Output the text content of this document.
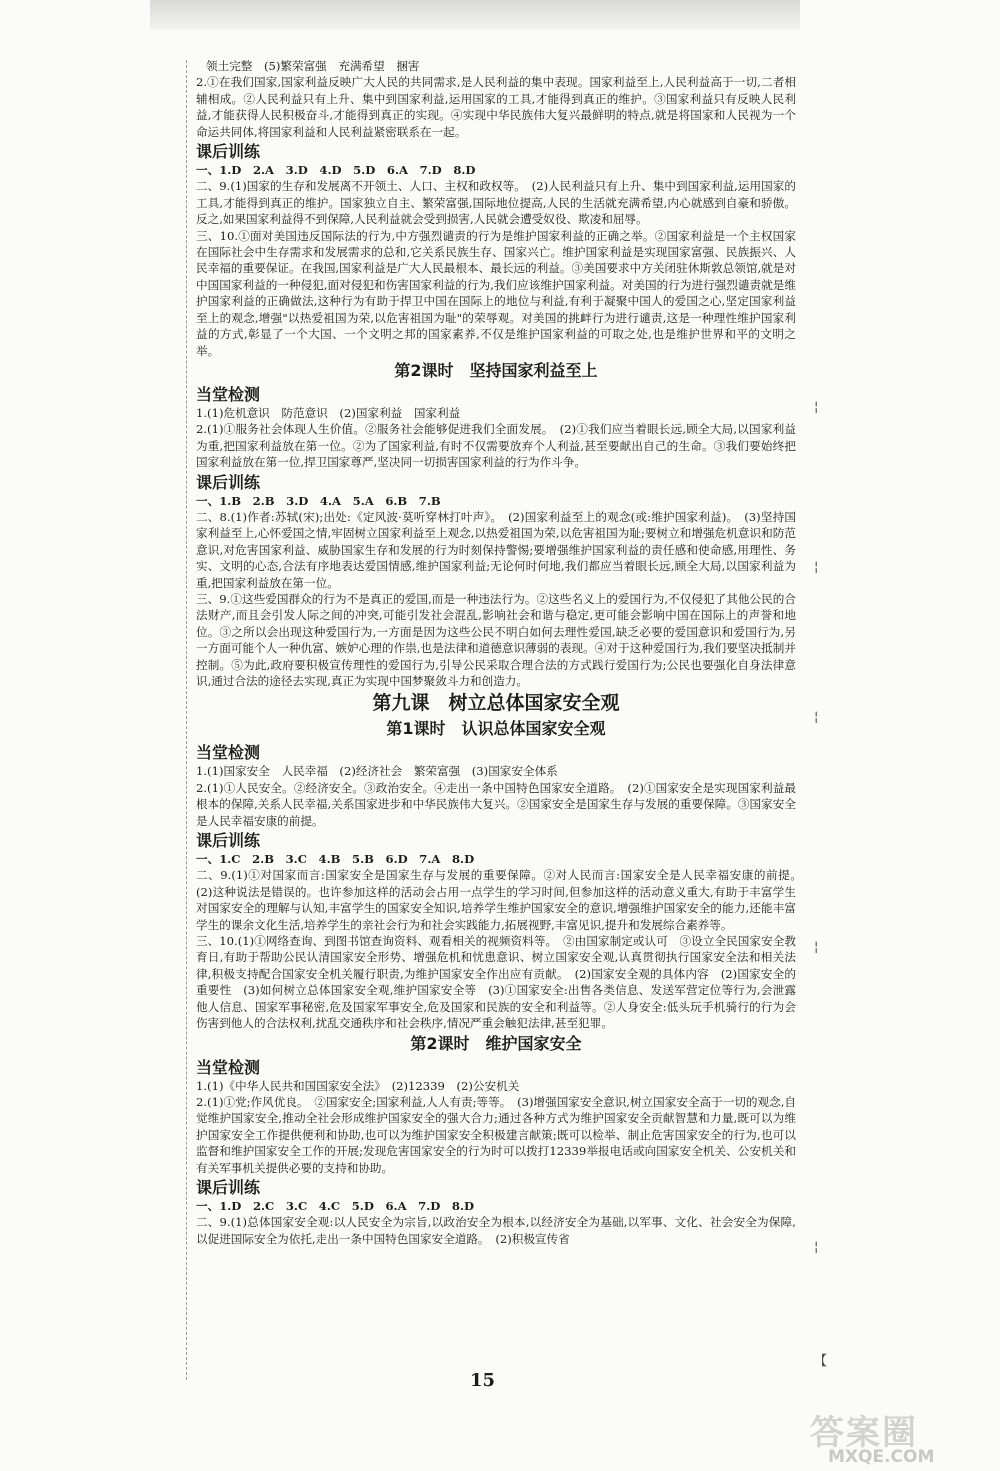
领土完整　(5)繁荣富强　充满希望　捆害

2.①在我们国家,国家利益反映广大人民的共同需求,是人民利益的集中表现。国家利益至上,人民利益高于一切,二者相辅相成。②人民利益只有上升、集中到国家利益,运用国家的工具,才能得到真正的维护。③国家利益只有反映人民利益,才能获得人民积极奋斗,才能得到真正的实现。④实现中华民族伟大复兴最鲜明的特点,就是将国家和人民视为一个命运共同体,将国家利益和人民利益紧密联系在一起。

课后训练

一、1.D　2.A　3.D　4.D　5.D　6.A　7.D　8.D

二、9.(1)国家的生存和发展离不开领土、人口、主权和政权等。　(2)人民利益只有上升、集中到国家利益,运用国家的工具,才能得到真正的维护。国家独立自主、繁荣富强,国际地位提高,人民的生活就充满希望,内心就感到自豪和骄傲。反之,如果国家利益得不到保障,人民利益就会受到损害,人民就会遭受奴役、欺凌和屈辱。

三、10.①面对美国违反国际法的行为,中方强烈谴责的行为是维护国家利益的正确之举。②国家利益是一个主权国家在国际社会中生存需求和发展需求的总和,它关系民族生存、国家兴亡。维护国家利益是实现国家富强、民族振兴、人民幸福的重要保证。在我国,国家利益是广大人民最根本、最长远的利益。③美国要求中方关闭驻休斯敦总领馆,就是对中国国家利益的一种侵犯,面对侵犯和伤害国家利益的行为,我们应该维护国家利益。对美国的行为进行强烈谴责就是维护国家利益的正确做法,这种行为有助于捍卫中国在国际上的地位与利益,有利于凝聚中国人的爱国之心,坚定国家利益至上的观念,增强"以热爱祖国为荣,以危害祖国为耻"的荣辱观。对美国的挑衅行为进行谴责,这是一种理性维护国家利益的方式,彰显了一个大国、一个文明之邦的国家素养,不仅是维护国家利益的可取之处,也是维护世界和平的文明之举。

第2课时　坚持国家利益至上
当堂检测

1.(1)危机意识　防范意识　(2)国家利益　国家利益

2.(1)①服务社会体现人生价值。②服务社会能够促进我们全面发展。　(2)①我们应当着眼长远,顾全大局,以国家利益为重,把国家利益放在第一位。②为了国家利益,有时不仅需要放弃个人利益,甚至要献出自己的生命。③我们要始终把国家利益放在第一位,捍卫国家尊严,坚决同一切损害国家利益的行为作斗争。

课后训练

一、1.B　2.B　3.D　4.A　5.A　6.B　7.B

二、8.(1)作者:苏轼(宋);出处:《定风波·莫听穿林打叶声》。　(2)国家利益至上的观念(或:维护国家利益)。　(3)坚持国家利益至上,心怀爱国之情,牢固树立国家利益至上观念,以热爱祖国为荣,以危害祖国为耻;要树立和增强危机意识和防范意识,对危害国家利益、威胁国家生存和发展的行为时刻保持警惕;要增强维护国家利益的责任感和使命感,用理性、务实、文明的心态,合法有序地表达爱国情感,维护国家利益;无论何时何地,我们都应当着眼长远,顾全大局,以国家利益为重,把国家利益放在第一位。

三、9.①这些爱国群众的行为不是真正的爱国,而是一种违法行为。②这些名义上的爱国行为,不仅侵犯了其他公民的合法财产,而且会引发人际之间的冲突,可能引发社会混乱,影响社会和谐与稳定,更可能会影响中国在国际上的声誉和地位。③之所以会出现这种爱国行为,一方面是因为这些公民不明白如何去理性爱国,缺乏必要的爱国意识和爱国行为,另一方面可能个人一种仇富、嫉妒心理的作祟,也是法律和道德意识薄弱的表现。④对于这种爱国行为,我们要坚决抵制并控制。⑤为此,政府要积极宣传理性的爱国行为,引导公民采取合理合法的方式践行爱国行为;公民也要强化自身法律意识,通过合法的途径去实现,真正为实现中国梦聚敛斗力和创造力。

第九课　树立总体国家安全观
第1课时　认识总体国家安全观
当堂检测

1.(1)国家安全　人民幸福　(2)经济社会　繁荣富强　(3)国家安全体系

2.(1)①人民安全。②经济安全。③政治安全。④走出一条中国特色国家安全道路。　(2)①国家安全是实现国家利益最根本的保障,关系人民幸福,关系国家进步和中华民族伟大复兴。②国家安全是国家生存与发展的重要保障。③国家安全是人民幸福安康的前提。

课后训练

一、1.C　2.B　3.C　4.B　5.B　6.D　7.A　8.D

二、9.(1)①对国家而言:国家安全是国家生存与发展的重要保障。②对人民而言:国家安全是人民幸福安康的前提。　(2)这种说法是错误的。也许参加这样的活动会占用一点学生的学习时间,但参加这样的活动意义重大,有助于丰富学生对国家安全的理解与认知,丰富学生的国家安全知识,培养学生维护国家安全的意识,增强维护国家安全的能力,还能丰富学生的课余文化生活,培养学生的亲社会行为和社会实践能力,拓展视野,丰富见识,提升和发展综合素养等。

三、10.(1)①网络查询、到图书馆查询资料、观看相关的视频资料等。　②由国家制定或认可　③设立全民国家安全教育日,有助于帮助公民认清国家安全形势、增强危机和忧患意识、树立国家安全观,认真贯彻执行国家安全法和相关法律,积极支持配合国家安全机关履行职责,为维护国家安全作出应有贡献。　(2)国家安全观的具体内容　(2)国家安全的重要性　(3)如何树立总体国家安全观,维护国家安全等　(3)①国家安全:出售各类信息、发送军营定位等行为,会泄露他人信息、国家军事秘密,危及国家军事安全,危及国家和民族的安全和利益等。②人身安全:低头玩手机骑行的行为会伤害到他人的合法权利,扰乱交通秩序和社会秩序,情况严重会触犯法律,甚至犯罪。

第2课时　维护国家安全
当堂检测

1.(1)《中华人民共和国国家安全法》　(2)12339　(2)公安机关

2.(1)①党;作风优良。　②国家安全;国家利益,人人有责;等等。　(3)增强国家安全意识,树立国家安全高于一切的观念,自觉维护国家安全,推动全社会形成维护国家安全的强大合力;通过各种方式为维护国家安全贡献智慧和力量,既可以为维护国家安全工作提供便利和协助,也可以为维护国家安全积极建言献策;既可以检举、制止危害国家安全的行为,也可以监督和维护国家安全工作的开展;发现危害国家安全的行为时可以拨打12339举报电话或向国家安全机关、公安机关和有关军事机关提供必要的支持和协助。

课后训练

一、1.D　2.C　3.C　4.C　5.D　6.A　7.D　8.D

二、9.(1)总体国家安全观:以人民安全为宗旨,以政治安全为根本,以经济安全为基础,以军事、文化、社会安全为保障,以促进国际安全为依托,走出一条中国特色国家安全道路。　(2)积极宣传省

¦
¦
¦
¦
¦
【
15
答案圈
MXQE.COM
